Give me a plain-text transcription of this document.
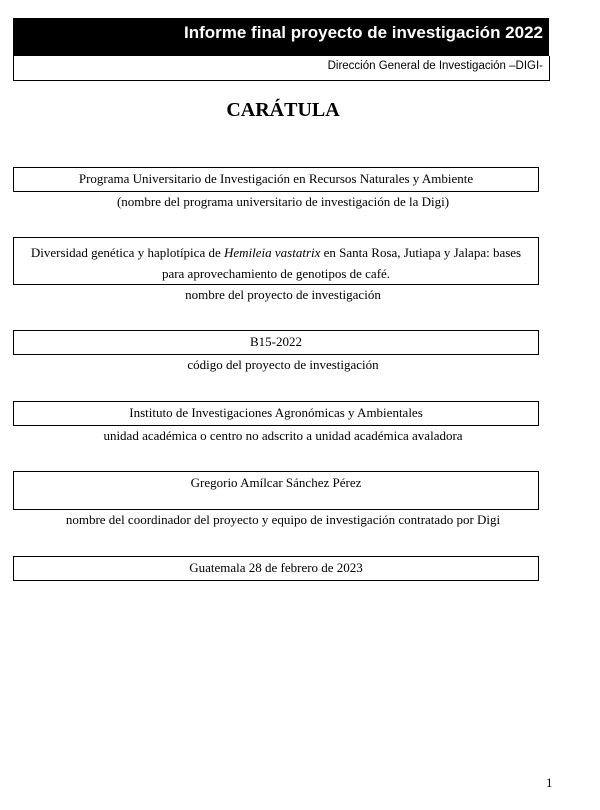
Informe final proyecto de investigación 2022
Dirección General de Investigación –DIGI-
CARÁTULA
Programa Universitario de Investigación en Recursos Naturales y Ambiente
(nombre del programa universitario de investigación de la Digi)
Diversidad genética y haplotípica de Hemileia vastatrix en Santa Rosa, Jutiapa y Jalapa: bases
para aprovechamiento de genotipos de café.
nombre del proyecto de investigación
B15-2022
código del proyecto de investigación
Instituto de Investigaciones Agronómicas y Ambientales
unidad académica o centro no adscrito a unidad académica avaladora
Gregorio Amílcar Sánchez Pérez
nombre del coordinador del proyecto y equipo de investigación contratado por Digi
Guatemala 28 de febrero de 2023
1
